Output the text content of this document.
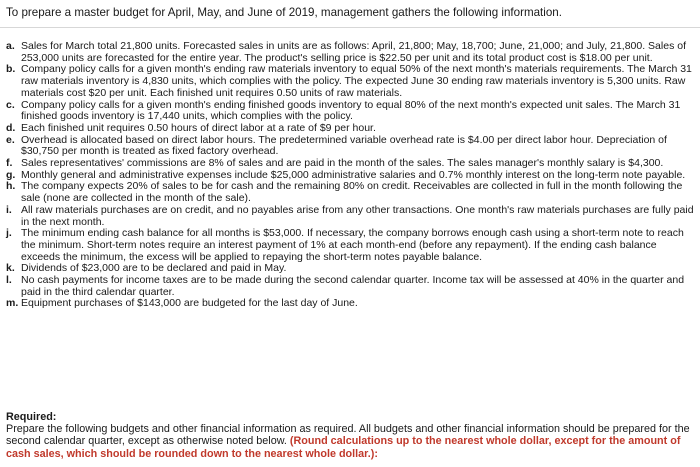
To prepare a master budget for April, May, and June of 2019, management gathers the following information.

a. Sales for March total 21,800 units. Forecasted sales in units are as follows: April, 21,800; May, 18,700; June, 21,000; and July, 21,800. Sales of 253,000 units are forecasted for the entire year. The product's selling price is $22.50 per unit and its total product cost is $18.00 per unit.
b. Company policy calls for a given month's ending raw materials inventory to equal 50% of the next month's materials requirements. The March 31 raw materials inventory is 4,830 units, which complies with the policy. The expected June 30 ending raw materials inventory is 5,300 units. Raw materials cost $20 per unit. Each finished unit requires 0.50 units of raw materials.
c. Company policy calls for a given month's ending finished goods inventory to equal 80% of the next month's expected unit sales. The March 31 finished goods inventory is 17,440 units, which complies with the policy.
d. Each finished unit requires 0.50 hours of direct labor at a rate of $9 per hour.
e. Overhead is allocated based on direct labor hours. The predetermined variable overhead rate is $4.00 per direct labor hour. Depreciation of $30,750 per month is treated as fixed factory overhead.
f. Sales representatives' commissions are 8% of sales and are paid in the month of the sales. The sales manager's monthly salary is $4,300.
g. Monthly general and administrative expenses include $25,000 administrative salaries and 0.7% monthly interest on the long-term note payable.
h. The company expects 20% of sales to be for cash and the remaining 80% on credit. Receivables are collected in full in the month following the sale (none are collected in the month of the sale).
i. All raw materials purchases are on credit, and no payables arise from any other transactions. One month's raw materials purchases are fully paid in the next month.
j. The minimum ending cash balance for all months is $53,000. If necessary, the company borrows enough cash using a short-term note to reach the minimum. Short-term notes require an interest payment of 1% at each month-end (before any repayment). If the ending cash balance exceeds the minimum, the excess will be applied to repaying the short-term notes payable balance.
k. Dividends of $23,000 are to be declared and paid in May.
l. No cash payments for income taxes are to be made during the second calendar quarter. Income tax will be assessed at 40% in the quarter and paid in the third calendar quarter.
m. Equipment purchases of $143,000 are budgeted for the last day of June.
Required:
Prepare the following budgets and other financial information as required. All budgets and other financial information should be prepared for the second calendar quarter, except as otherwise noted below. (Round calculations up to the nearest whole dollar, except for the amount of cash sales, which should be rounded down to the nearest whole dollar.):
